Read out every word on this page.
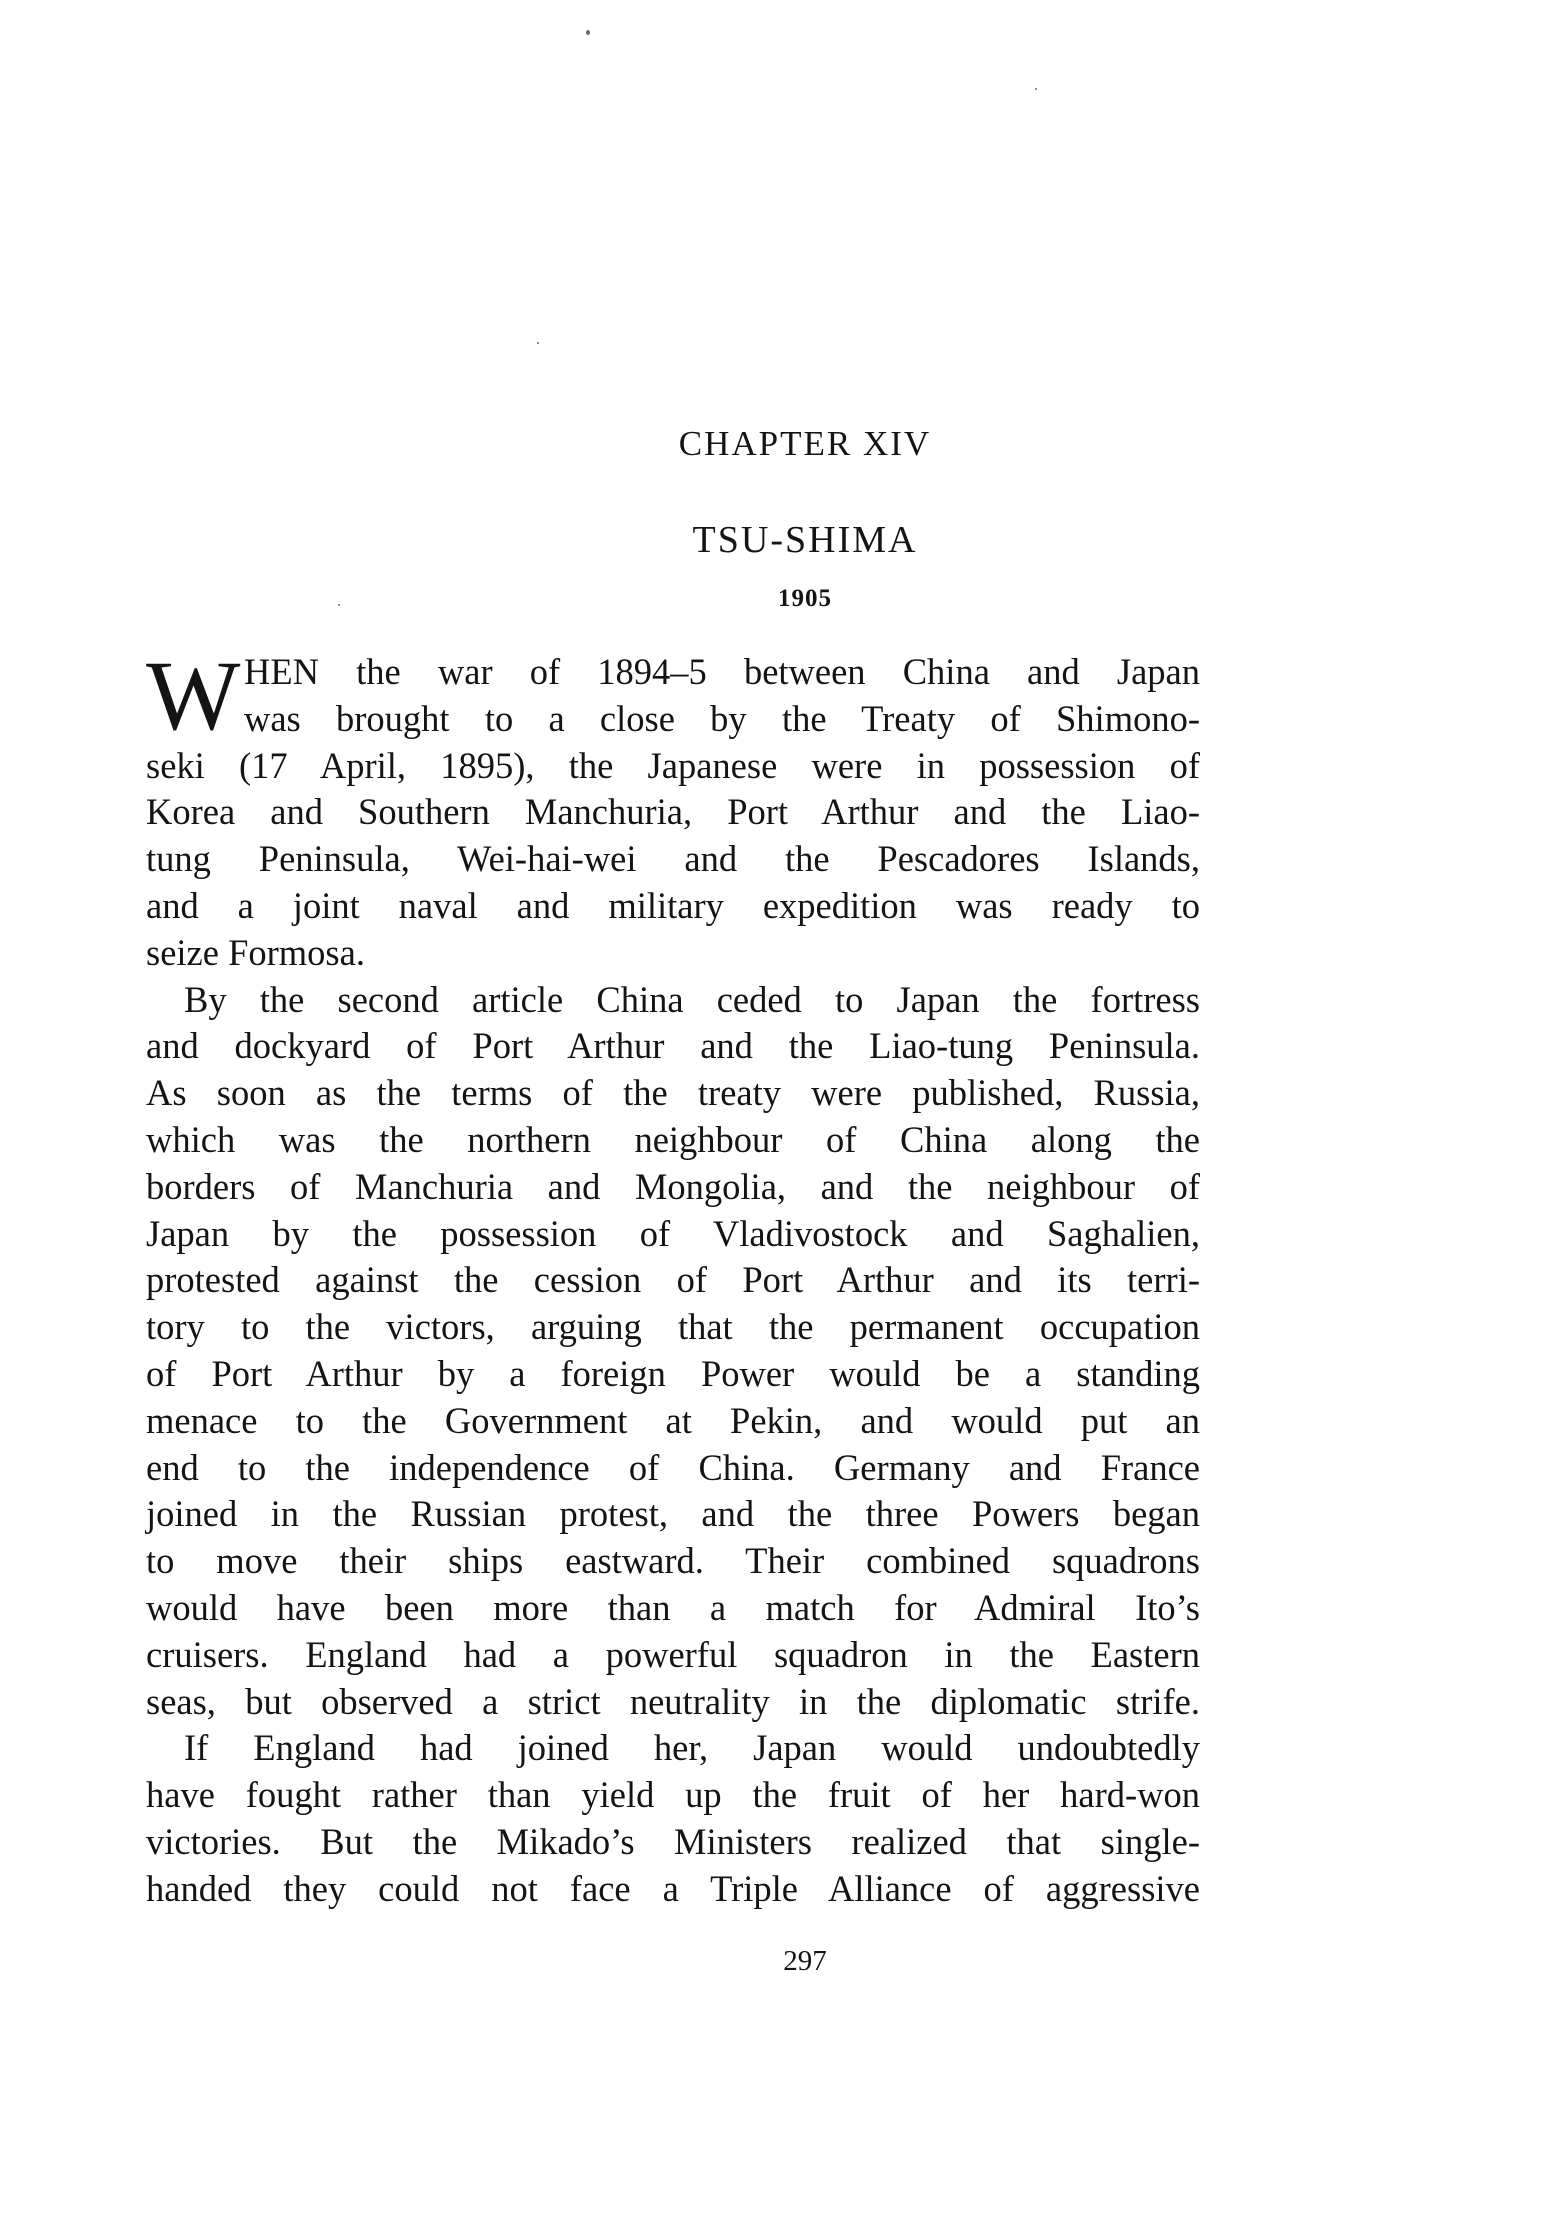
CHAPTER XIV
TSU-SHIMA
1905
W HEN the war of 1894–5 between China and Japan
was brought to a close by the Treaty of Shimono-
seki (17 April, 1895), the Japanese were in possession of
Korea and Southern Manchuria, Port Arthur and the Liao-
tung Peninsula, Wei-hai-wei and the Pescadores Islands,
and a joint naval and military expedition was ready to
seize Formosa.
By the second article China ceded to Japan the fortress
and dockyard of Port Arthur and the Liao-tung Peninsula.
As soon as the terms of the treaty were published, Russia,
which was the northern neighbour of China along the
borders of Manchuria and Mongolia, and the neighbour of
Japan by the possession of Vladivostock and Saghalien,
protested against the cession of Port Arthur and its terri-
tory to the victors, arguing that the permanent occupation
of Port Arthur by a foreign Power would be a standing
menace to the Government at Pekin, and would put an
end to the independence of China. Germany and France
joined in the Russian protest, and the three Powers began
to move their ships eastward. Their combined squadrons
would have been more than a match for Admiral Ito’s
cruisers. England had a powerful squadron in the Eastern
seas, but observed a strict neutrality in the diplomatic strife.
If England had joined her, Japan would undoubtedly
have fought rather than yield up the fruit of her hard-won
victories. But the Mikado’s Ministers realized that single-
handed they could not face a Triple Alliance of aggressive
297
